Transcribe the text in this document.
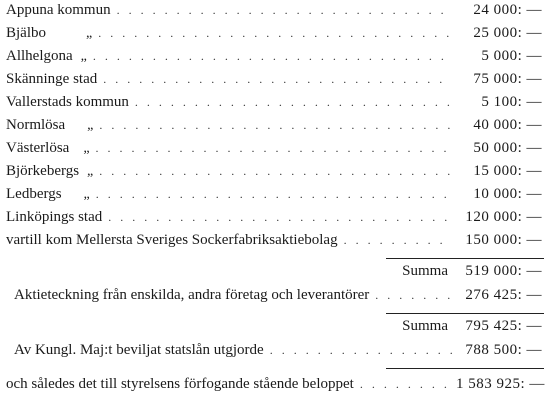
Appuna kommun . . .	24 000: —
Bjälbo	„ . . .	25 000: —
Allhelgona „ . . .	5 000: —
Skänninge stad . . .	75 000: —
Vallerstads kommun . . .	5 100: —
Normlösa „ . . .	40 000: —
Västerlösa „ . . .	50 000: —
Björkebergs „ . . .	15 000: —
Ledbergs „ . . .	10 000: —
Linköpings stad . . .	120 000: —
vartill kom Mellersta Sveriges Sockerfabriksaktiebolag . . .	150 000: —
Summa	519 000: —
Aktieteckning från enskilda, andra företag och leverantörer . . .	276 425: —
Summa	795 425: —
Av Kungl. Maj:t beviljat statslån utgjorde . . .	788 500: —
och således det till styrelsens förfogande stående beloppet . . .	1 583 925: —
